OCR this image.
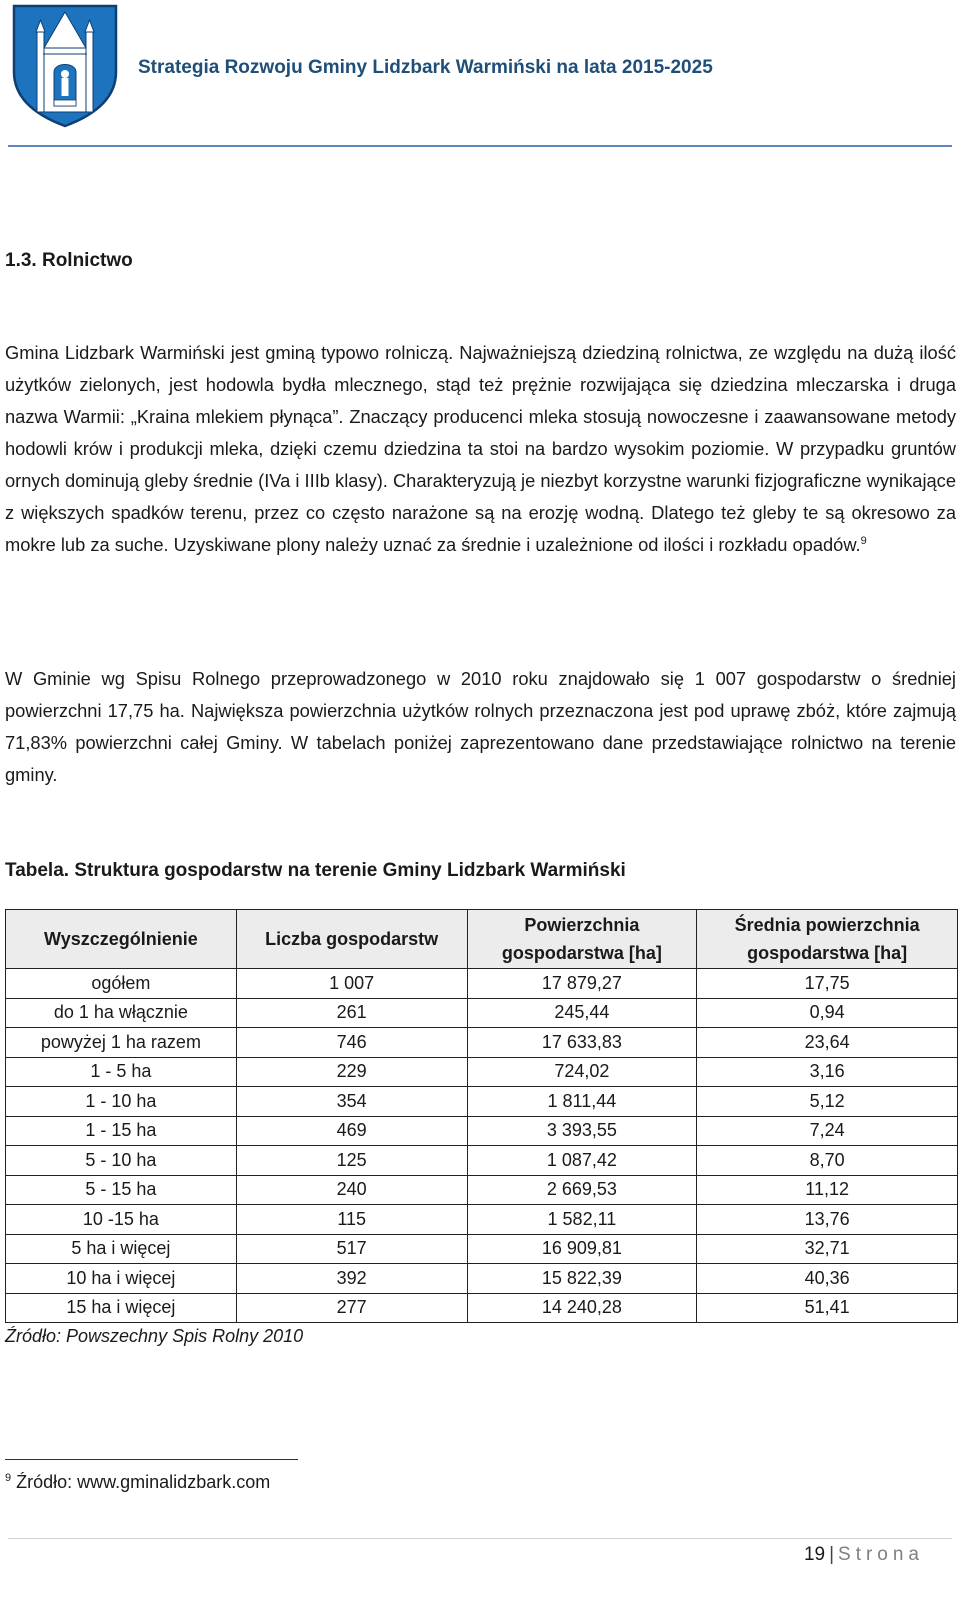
Strategia Rozwoju Gminy Lidzbark Warmiński na lata 2015-2025
1.3. Rolnictwo

Gmina Lidzbark Warmiński jest gminą typowo rolniczą. Najważniejszą dziedziną rolnictwa, ze względu na dużą ilość użytków zielonych, jest hodowla bydła mlecznego, stąd też prężnie rozwijająca się dziedzina mleczarska i druga nazwa Warmii: „Kraina mlekiem płynąca”. Znaczący producenci mleka stosują nowoczesne i zaawansowane metody hodowli krów i produkcji mleka, dzięki czemu dziedzina ta stoi na bardzo wysokim poziomie. W przypadku gruntów ornych dominują gleby średnie (IVa i IIIb klasy). Charakteryzują je niezbyt korzystne warunki fizjograficzne wynikające z większych spadków terenu, przez co często narażone są na erozję wodną. Dlatego też gleby te są okresowo za mokre lub za suche. Uzyskiwane plony należy uznać za średnie i uzależnione od ilości i rozkładu opadów.$^9$

W Gminie wg Spisu Rolnego przeprowadzonego w 2010 roku znajdowało się 1 007 gospodarstw o średniej powierzchni 17,75 ha. Największa powierzchnia użytków rolnych przeznaczona jest pod uprawę zbóż, które zajmują 71,83% powierzchni całej Gminy. W tabelach poniżej zaprezentowano dane przedstawiające rolnictwo na terenie gminy.

Tabela. Struktura gospodarstw na terenie Gminy Lidzbark Warmiński
Wyszczególnienie	Liczba gospodarstw	Powierzchnia gospodarstwa [ha]	Średnia powierzchnia gospodarstwa [ha]
ogółem	1 007	17 879,27	17,75
do 1 ha włącznie	261	245,44	0,94
powyżej 1 ha razem	746	17 633,83	23,64
1 - 5 ha	229	724,02	3,16
1 - 10 ha	354	1 811,44	5,12
1 - 15 ha	469	3 393,55	7,24
5 - 10 ha	125	1 087,42	8,70
5 - 15 ha	240	2 669,53	11,12
10 -15 ha	115	1 582,11	13,76
5 ha i więcej	517	16 909,81	32,71
10 ha i więcej	392	15 822,39	40,36
15 ha i więcej	277	14 240,28	51,41
Źródło: Powszechny Spis Rolny 2010
$^9$ Źródło: www.gminalidzbark.com
19 | Strona
